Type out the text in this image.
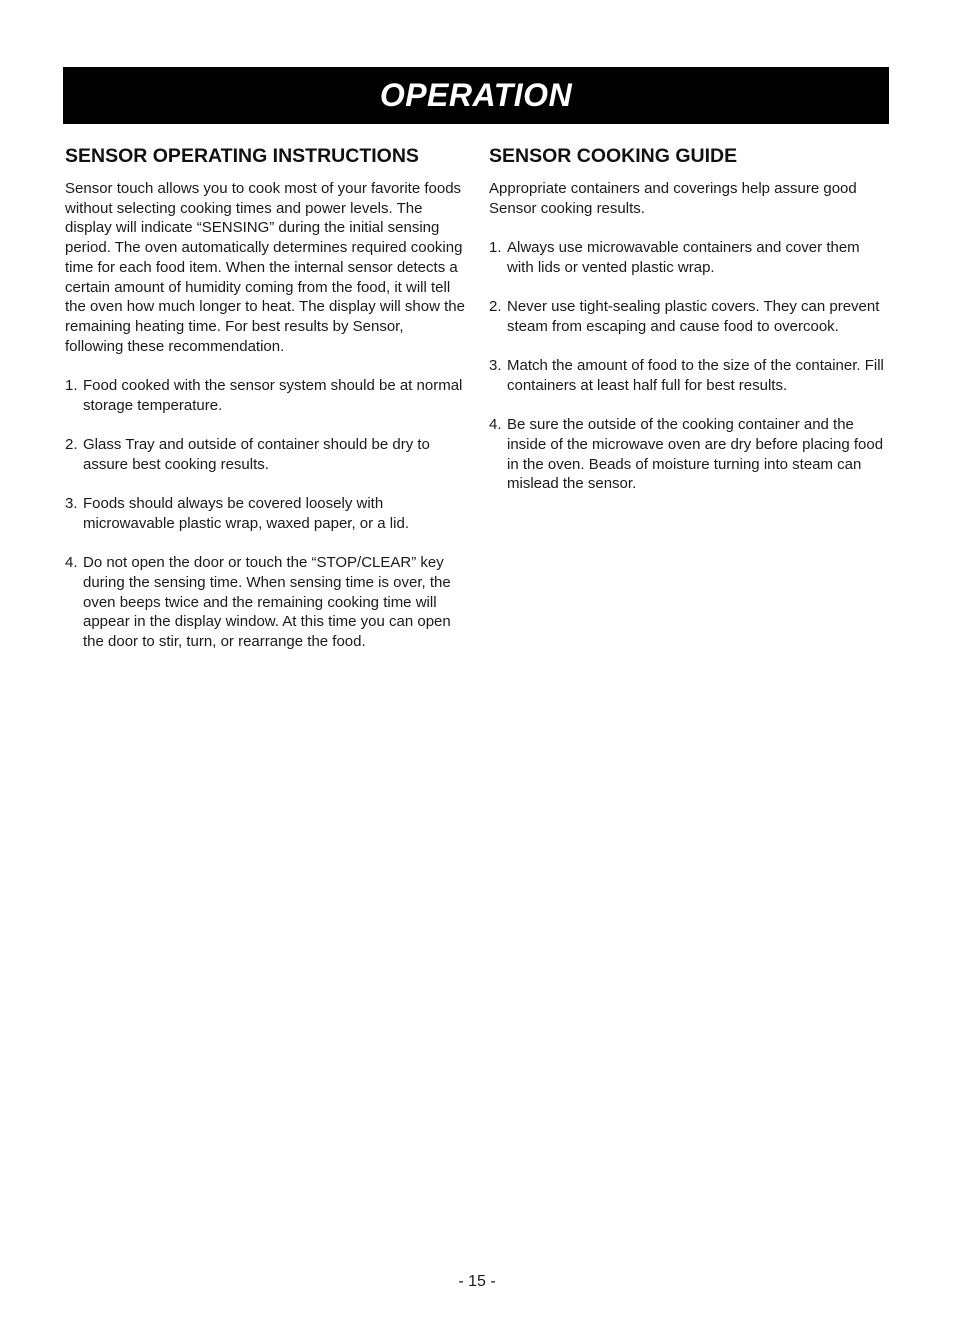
OPERATION
SENSOR OPERATING INSTRUCTIONS

Sensor touch allows you to cook most of your favorite foods without selecting cooking times and power levels. The display will indicate “SENSING” during the initial sensing period. The oven automatically determines required cooking time for each food item. When the internal sensor detects a certain amount of humidity coming from the food, it will tell the oven how much longer to heat. The display will show the remaining heating time. For best results by Sensor, following these recommendation.

1. Food cooked with the sensor system should be at normal storage temperature.
2. Glass Tray and outside of container should be dry to assure best cooking results.
3. Foods should always be covered loosely with microwavable plastic wrap, waxed paper, or a lid.
4. Do not open the door or touch the “STOP/CLEAR” key during the sensing time. When sensing time is over, the oven beeps twice and the remaining cooking time will appear in the display window. At this time you can open the door to stir, turn, or rearrange the food.
SENSOR COOKING GUIDE

Appropriate containers and coverings help assure good Sensor cooking results.

1. Always use microwavable containers and cover them with lids or vented plastic wrap.
2. Never use tight-sealing plastic covers. They can prevent steam from escaping and cause food to overcook.
3. Match the amount of food to the size of the container. Fill containers at least half full for best results.
4. Be sure the outside of the cooking container and the inside of the microwave oven are dry before placing food in the oven. Beads of moisture turning into steam can mislead the sensor.
- 15 -
